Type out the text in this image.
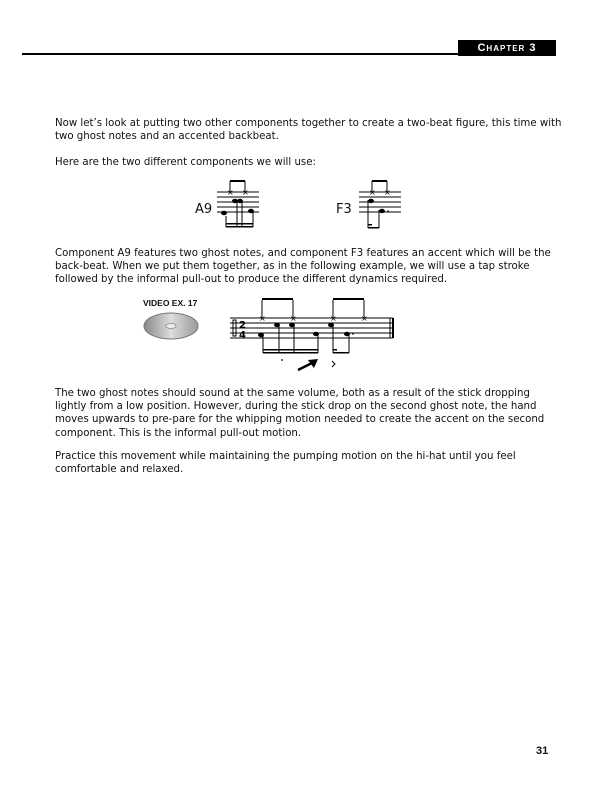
Chapter 3
Now let’s look at putting two other components together to create a two-beat figure, this time with two ghost notes and an accented backbeat.
Here are the two different components we will use:
A9
× ×
F3
× ×
Component A9 features two ghost notes, and component F3 features an accent which will be the back-beat. When we put them together, as in the following example, we will use a tap stroke followed by the informal pull-out to produce the different dynamics required.
VIDEO EX. 17
2
4
×	×	×	×
The two ghost notes should sound at the same volume, both as a result of the stick dropping lightly from a low position. However, during the stick drop on the second ghost note, the hand moves upwards to pre-pare for the whipping motion needed to create the accent on the second component. This is the informal pull-out motion.
Practice this movement while maintaining the pumping motion on the hi-hat until you feel comfortable and relaxed.
31
